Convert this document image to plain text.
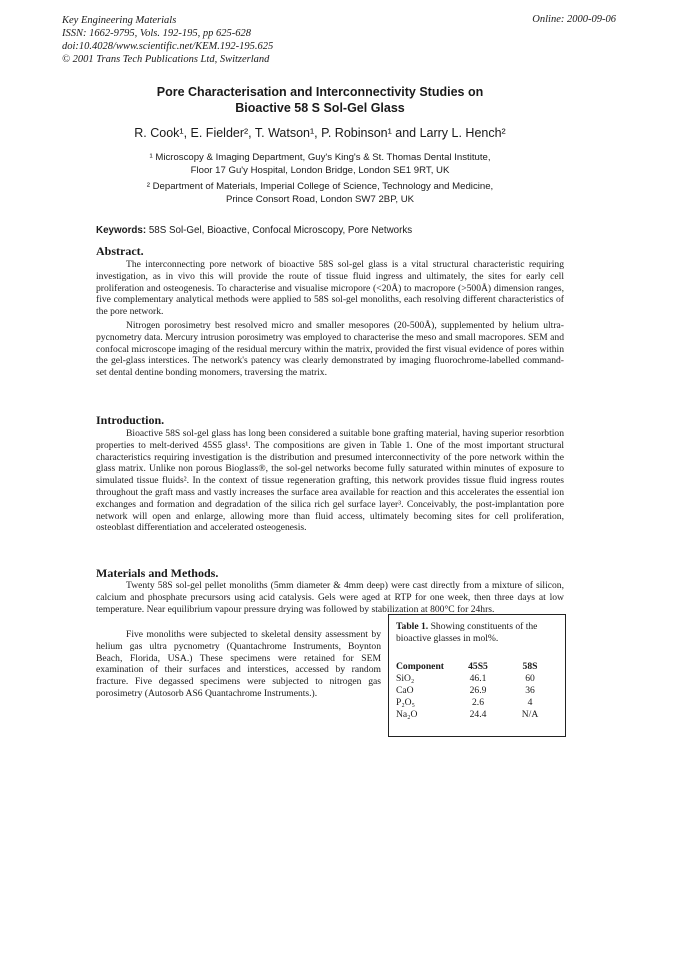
Key Engineering Materials
ISSN: 1662-9795, Vols. 192-195, pp 625-628
doi:10.4028/www.scientific.net/KEM.192-195.625
© 2001 Trans Tech Publications Ltd, Switzerland
Online: 2000-09-06
Pore Characterisation and Interconnectivity Studies on
Bioactive 58 S Sol-Gel Glass
R. Cook¹, E. Fielder², T. Watson¹, P. Robinson¹ and Larry L. Hench²
¹ Microscopy & Imaging Department, Guy's King's & St. Thomas Dental Institute,
Floor 17 Gu'y Hospital, London Bridge, London SE1 9RT, UK
² Department of Materials, Imperial College of Science, Technology and Medicine,
Prince Consort Road, London SW7 2BP, UK
Keywords: 58S Sol-Gel, Bioactive, Confocal Microscopy, Pore Networks
Abstract.
The interconnecting pore network of bioactive 58S sol-gel glass is a vital structural characteristic requiring investigation, as in vivo this will provide the route of tissue fluid ingress and ultimately, the sites for early cell proliferation and osteogenesis. To characterise and visualise micropore (<20Å) to macropore (>500Å) dimension ranges, five complementary analytical methods were applied to 58S sol-gel monoliths, each resolving different characteristics of the pore network.
Nitrogen porosimetry best resolved micro and smaller mesopores (20-500Å), supplemented by helium ultra-pycnometry data. Mercury intrusion porosimetry was employed to characterise the meso and small macropores. SEM and confocal microscope imaging of the residual mercury within the matrix, provided the first visual evidence of pores within the gel-glass interstices. The network's patency was clearly demonstrated by imaging fluorochrome-labelled command-set dental dentine bonding monomers, traversing the matrix.
Introduction.
Bioactive 58S sol-gel glass has long been considered a suitable bone grafting material, having superior resorbtion properties to melt-derived 45S5 glass¹. The compositions are given in Table 1. One of the most important structural characteristics requiring investigation is the distribution and presumed interconnectivity of the pore network within the glass matrix. Unlike non porous Bioglass®, the sol-gel networks become fully saturated within minutes of exposure to simulated tissue fluids². In the context of tissue regeneration grafting, this network provides tissue fluid ingress routes throughout the graft mass and vastly increases the surface area available for reaction and this accelerates the essential ion exchanges and formation and degradation of the silica rich gel surface layer³. Conceivably, the post-implantation pore network will open and enlarge, allowing more than fluid access, ultimately becoming sites for cell proliferation, osteoblast differentiation and accelerated osteogenesis.
Materials and Methods.
Twenty 58S sol-gel pellet monoliths (5mm diameter & 4mm deep) were cast directly from a mixture of silicon, calcium and phosphate precursors using acid catalysis. Gels were aged at RTP for one week, then three days at low temperature. Near equilibrium vapour pressure drying was followed by stabilization at 800°C for 24hrs.
Five monoliths were subjected to skeletal density assessment by helium gas ultra pycnometry (Quantachrome Instruments, Boynton Beach, Florida, USA.) These specimens were retained for SEM examination of their surfaces and interstices, accessed by random fracture. Five degassed specimens were subjected to nitrogen gas porosimetry (Autosorb AS6 Quantachrome Instruments.).
Table 1. Showing constituents of the bioactive glasses in mol%.
Component	45S5	58S
SiO₂	46.1	60
CaO	26.9	36
P₂O₅	2.6	4
Na₂O	24.4	N/A
